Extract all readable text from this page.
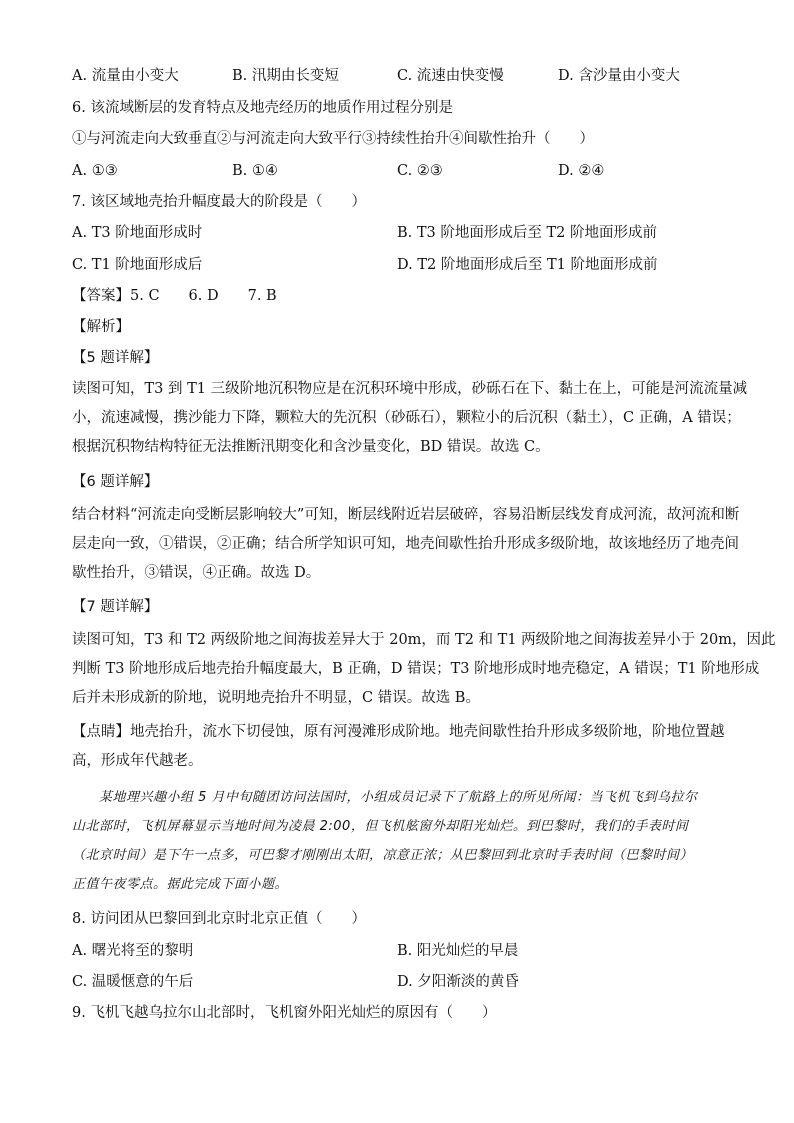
A. 流量由小变大	B. 汛期由长变短	C. 流速由快变慢	D. 含沙量由小变大
6. 该流域断层的发育特点及地壳经历的地质作用过程分别是
①与河流走向大致垂直②与河流走向大致平行③持续性抬升④间歇性抬升（　　）
A. ①③	B. ①④	C. ②③	D. ②④
7. 该区域地壳抬升幅度最大的阶段是（　　）
A. T3 阶地面形成时	B. T3 阶地面形成后至 T2 阶地面形成前
C. T1 阶地面形成后	D. T2 阶地面形成后至 T1 阶地面形成前
【答案】5. C　　6. D　　7. B
【解析】
【5 题详解】
读图可知，T3 到 T1 三级阶地沉积物应是在沉积环境中形成，砂砾石在下、黏土在上，可能是河流流量减
小，流速减慢，携沙能力下降，颗粒大的先沉积（砂砾石），颗粒小的后沉积（黏土），C 正确，A 错误；
根据沉积物结构特征无法推断汛期变化和含沙量变化，BD 错误。故选 C。
【6 题详解】
结合材料“河流走向受断层影响较大”可知，断层线附近岩层破碎，容易沿断层线发育成河流，故河流和断
层走向一致，①错误，②正确；结合所学知识可知，地壳间歇性抬升形成多级阶地，故该地经历了地壳间
歇性抬升，③错误，④正确。故选 D。
【7 题详解】
读图可知，T3 和 T2 两级阶地之间海拔差异大于 20m，而 T2 和 T1 两级阶地之间海拔差异小于 20m，因此
判断 T3 阶地形成后地壳抬升幅度最大，B 正确，D 错误；T3 阶地形成时地壳稳定，A 错误；T1 阶地形成
后并未形成新的阶地，说明地壳抬升不明显，C 错误。故选 B。
【点睛】地壳抬升，流水下切侵蚀，原有河漫滩形成阶地。地壳间歇性抬升形成多级阶地，阶地位置越
高，形成年代越老。
　　某地理兴趣小组 5 月中旬随团访问法国时，小组成员记录下了航路上的所见所闻：当飞机飞到乌拉尔
山北部时，飞机屏幕显示当地时间为凌晨 2:00，但飞机舷窗外却阳光灿烂。到巴黎时，我们的手表时间
（北京时间）是下午一点多，可巴黎才刚刚出太阳，凉意正浓；从巴黎回到北京时手表时间（巴黎时间）
正值午夜零点。据此完成下面小题。
8. 访问团从巴黎回到北京时北京正值（　　）
A. 曙光将至的黎明	B. 阳光灿烂的早晨
C. 温暖惬意的午后	D. 夕阳渐淡的黄昏
9. 飞机飞越乌拉尔山北部时，飞机窗外阳光灿烂的原因有（　　）
